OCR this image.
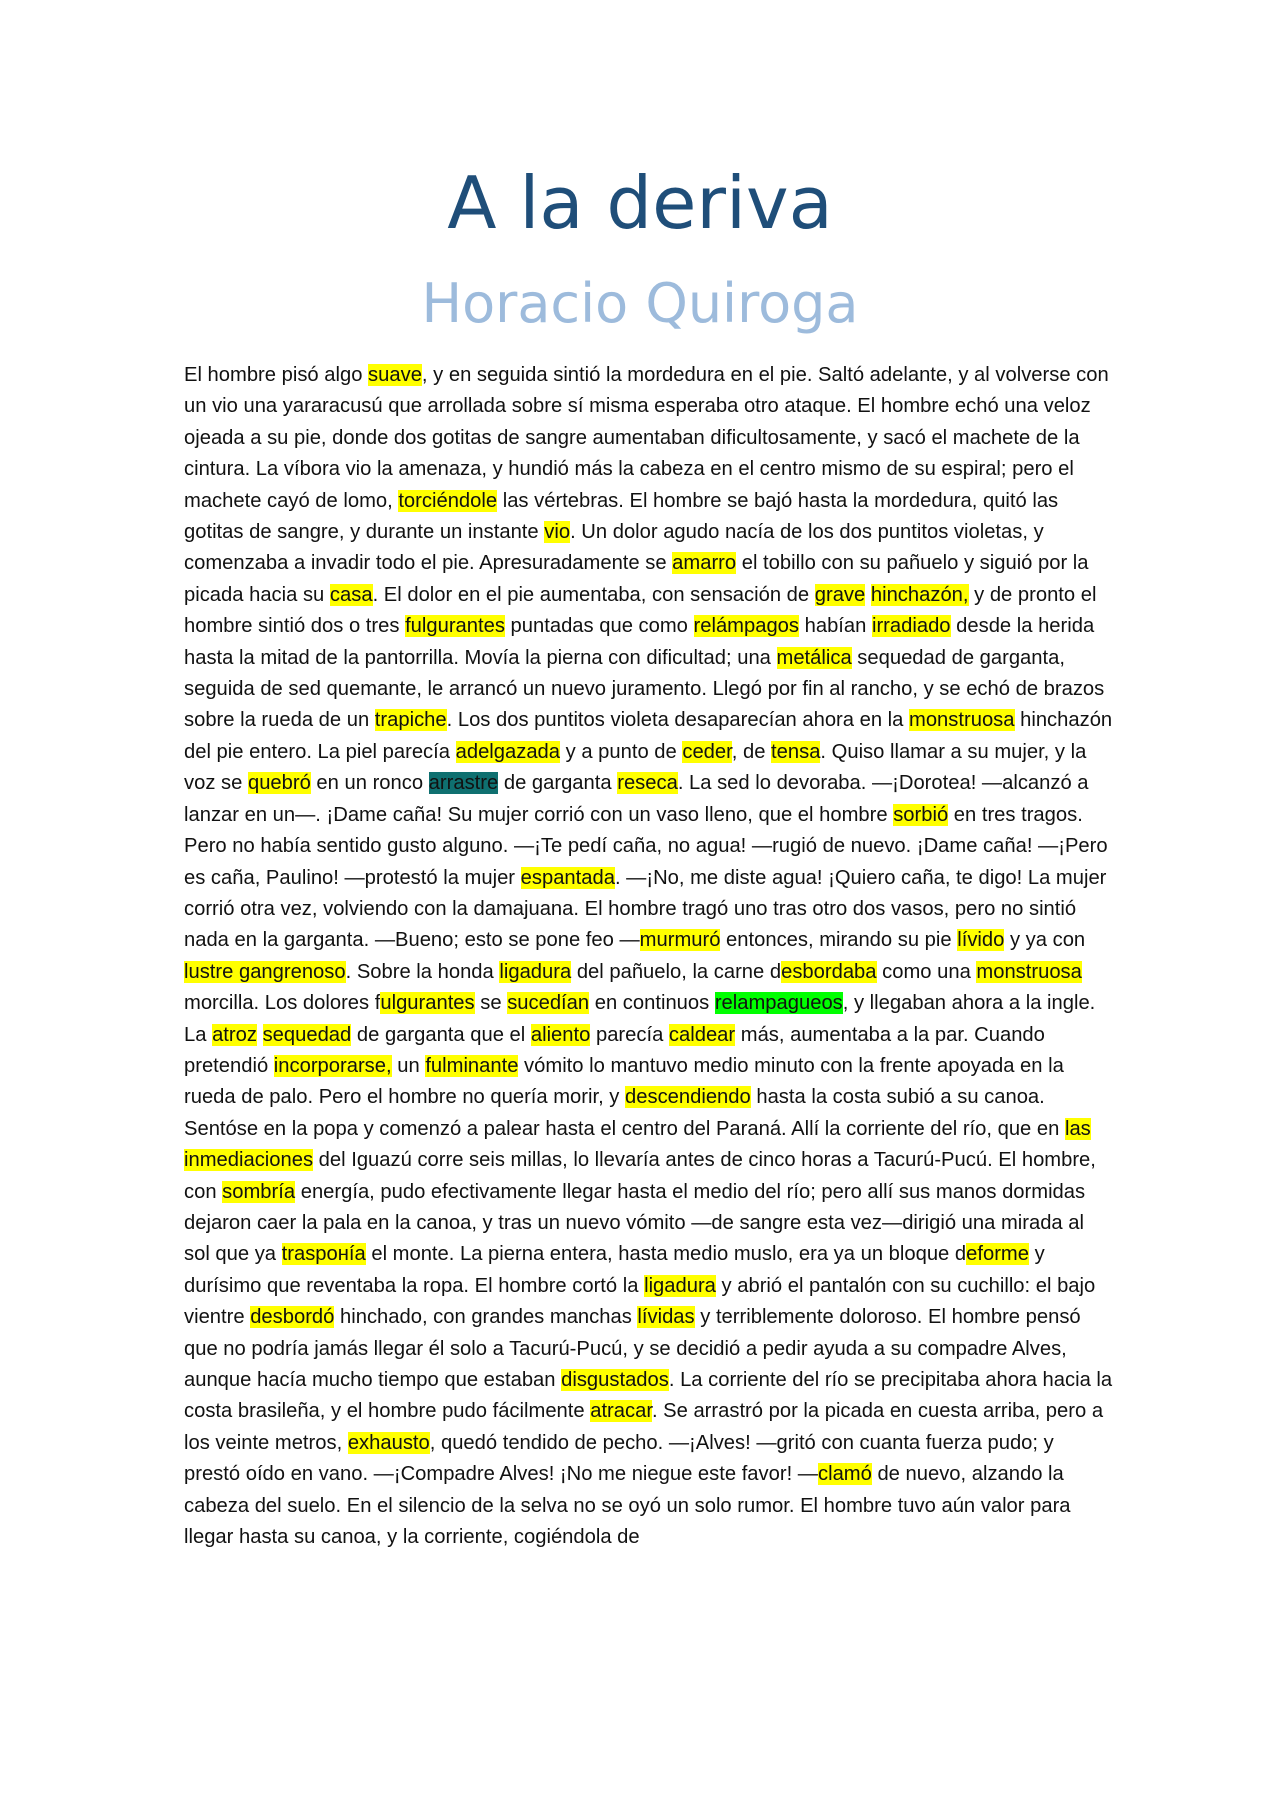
A la deriva
Horacio Quiroga

El hombre pisó algo suave, y en seguida sintió la mordedura en el pie. Saltó adelante, y al volverse con un vio una yararacusú que arrollada sobre sí misma esperaba otro ataque. El hombre echó una veloz ojeada a su pie, donde dos gotitas de sangre aumentaban dificultosamente, y sacó el machete de la cintura. La víbora vio la amenaza, y hundió más la cabeza en el centro mismo de su espiral; pero el machete cayó de lomo, torciéndole las vértebras. El hombre se bajó hasta la mordedura, quitó las gotitas de sangre, y durante un instante vio. Un dolor agudo nacía de los dos puntitos violetas, y comenzaba a invadir todo el pie. Apresuradamente se amarro el tobillo con su pañuelo y siguió por la picada hacia su casa. El dolor en el pie aumentaba, con sensación de grave hinchazón, y de pronto el hombre sintió dos o tres fulgurantes puntadas que como relámpagos habían irradiado desde la herida hasta la mitad de la pantorrilla. Movía la pierna con dificultad; una metálica sequedad de garganta, seguida de sed quemante, le arrancó un nuevo juramento. Llegó por fin al rancho, y se echó de brazos sobre la rueda de un trapiche. Los dos puntitos violeta desaparecían ahora en la monstruosa hinchazón del pie entero. La piel parecía adelgazada y a punto de ceder, de tensa. Quiso llamar a su mujer, y la voz se quebró en un ronco arrastre de garganta reseca. La sed lo devoraba. —¡Dorotea! —alcanzó a lanzar en un—. ¡Dame caña! Su mujer corrió con un vaso lleno, que el hombre sorbió en tres tragos. Pero no había sentido gusto alguno. —¡Te pedí caña, no agua! —rugió de nuevo. ¡Dame caña! —¡Pero es caña, Paulino! —protestó la mujer espantada. —¡No, me diste agua! ¡Quiero caña, te digo! La mujer corrió otra vez, volviendo con la damajuana. El hombre tragó uno tras otro dos vasos, pero no sintió nada en la garganta. —Bueno; esto se pone feo —murmuró entonces, mirando su pie lívido y ya con lustre gangrenoso. Sobre la honda ligadura del pañuelo, la carne desbordaba como una monstruosa morcilla. Los dolores fulgurantes se sucedían en continuos relampagueos, y llegaban ahora a la ingle. La atroz sequedad de garganta que el aliento parecía caldear más, aumentaba a la par. Cuando pretendió incorporarse, un fulminante vómito lo mantuvo medio minuto con la frente apoyada en la rueda de palo. Pero el hombre no quería morir, y descendiendo hasta la costa subió a su canoa. Sentóse en la popa y comenzó a palear hasta el centro del Paraná. Allí la corriente del río, que en las inmediaciones del Iguazú corre seis millas, lo llevaría antes de cinco horas a Tacurú-Pucú. El hombre, con sombría energía, pudo efectivamente llegar hasta el medio del río; pero allí sus manos dormidas dejaron caer la pala en la canoa, y tras un nuevo vómito —de sangre esta vez—dirigió una mirada al sol que ya traspонía el monte. La pierna entera, hasta medio muslo, era ya un bloque deforme y durísimo que reventaba la ropa. El hombre cortó la ligadura y abrió el pantalón con su cuchillo: el bajo vientre desbordó hinchado, con grandes manchas lívidas y terriblemente doloroso. El hombre pensó que no podría jamás llegar él solo a Tacurú-Pucú, y se decidió a pedir ayuda a su compadre Alves, aunque hacía mucho tiempo que estaban disgustados. La corriente del río se precipitaba ahora hacia la costa brasileña, y el hombre pudo fácilmente atracar. Se arrastró por la picada en cuesta arriba, pero a los veinte metros, exhausto, quedó tendido de pecho. —¡Alves! —gritó con cuanta fuerza pudo; y prestó oído en vano. —¡Compadre Alves! ¡No me niegue este favor! —clamó de nuevo, alzando la cabeza del suelo. En el silencio de la selva no se oyó un solo rumor. El hombre tuvo aún valor para llegar hasta su canoa, y la corriente, cogiéndola de
